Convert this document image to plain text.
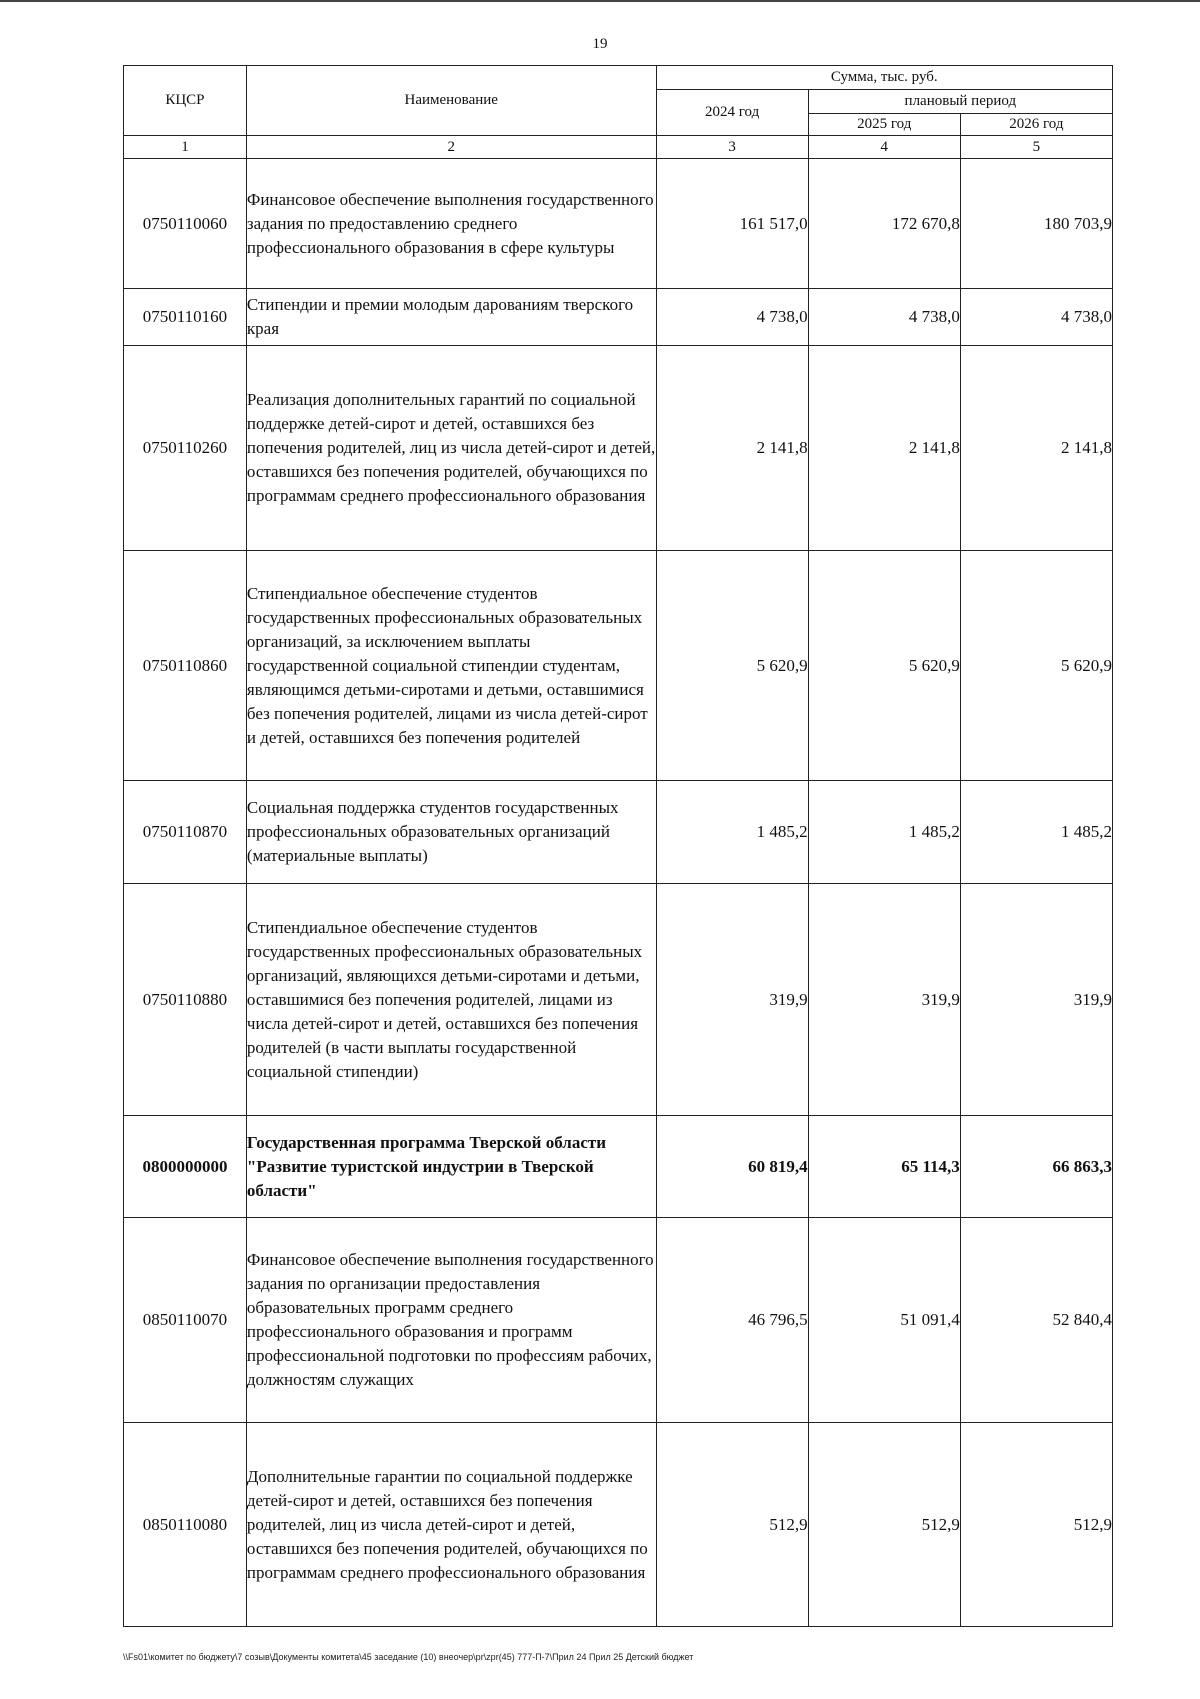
19
КЦСР	Наименование	Сумма, тыс. руб.		
		2024 год	плановый период	
			2025 год	2026 год
1	2	3	4	5
0750110060	Финансовое обеспечение выполнения государственного задания по предоставлению среднего профессионального образования в сфере культуры	161 517,0	172 670,8	180 703,9
0750110160	Стипендии и премии молодым дарованиям тверского края	4 738,0	4 738,0	4 738,0
0750110260	Реализация дополнительных гарантий по социальной поддержке детей-сирот и детей, оставшихся без попечения родителей, лиц из числа детей-сирот и детей, оставшихся без попечения родителей, обучающихся по программам среднего профессионального образования	2 141,8	2 141,8	2 141,8
0750110860	Стипендиальное обеспечение студентов государственных профессиональных образовательных организаций, за исключением выплаты государственной социальной стипендии студентам, являющимся детьми-сиротами и детьми, оставшимися без попечения родителей, лицами из числа детей-сирот и детей, оставшихся без попечения родителей	5 620,9	5 620,9	5 620,9
0750110870	Социальная поддержка студентов государственных профессиональных образовательных организаций (материальные выплаты)	1 485,2	1 485,2	1 485,2
0750110880	Стипендиальное обеспечение студентов государственных профессиональных образовательных организаций, являющихся детьми-сиротами и детьми, оставшимися без попечения родителей, лицами из числа детей-сирот и детей, оставшихся без попечения родителей (в части выплаты государственной социальной стипендии)	319,9	319,9	319,9
0800000000	Государственная программа Тверской области "Развитие туристской индустрии в Тверской области"	60 819,4	65 114,3	66 863,3
0850110070	Финансовое обеспечение выполнения государственного задания по организации предоставления образовательных программ среднего профессионального образования и программ профессиональной подготовки по профессиям рабочих, должностям служащих	46 796,5	51 091,4	52 840,4
0850110080	Дополнительные гарантии по социальной поддержке детей-сирот и детей, оставшихся без попечения родителей, лиц из числа детей-сирот и детей, оставшихся без попечения родителей, обучающихся по программам среднего профессионального образования	512,9	512,9	512,9
\\Fs01\комитет по бюджету\7 созыв\Документы комитета\45 заседание (10) внеочер\pr\zpr(45) 777-П-7\Прил 24 Прил 25 Детский бюджет
